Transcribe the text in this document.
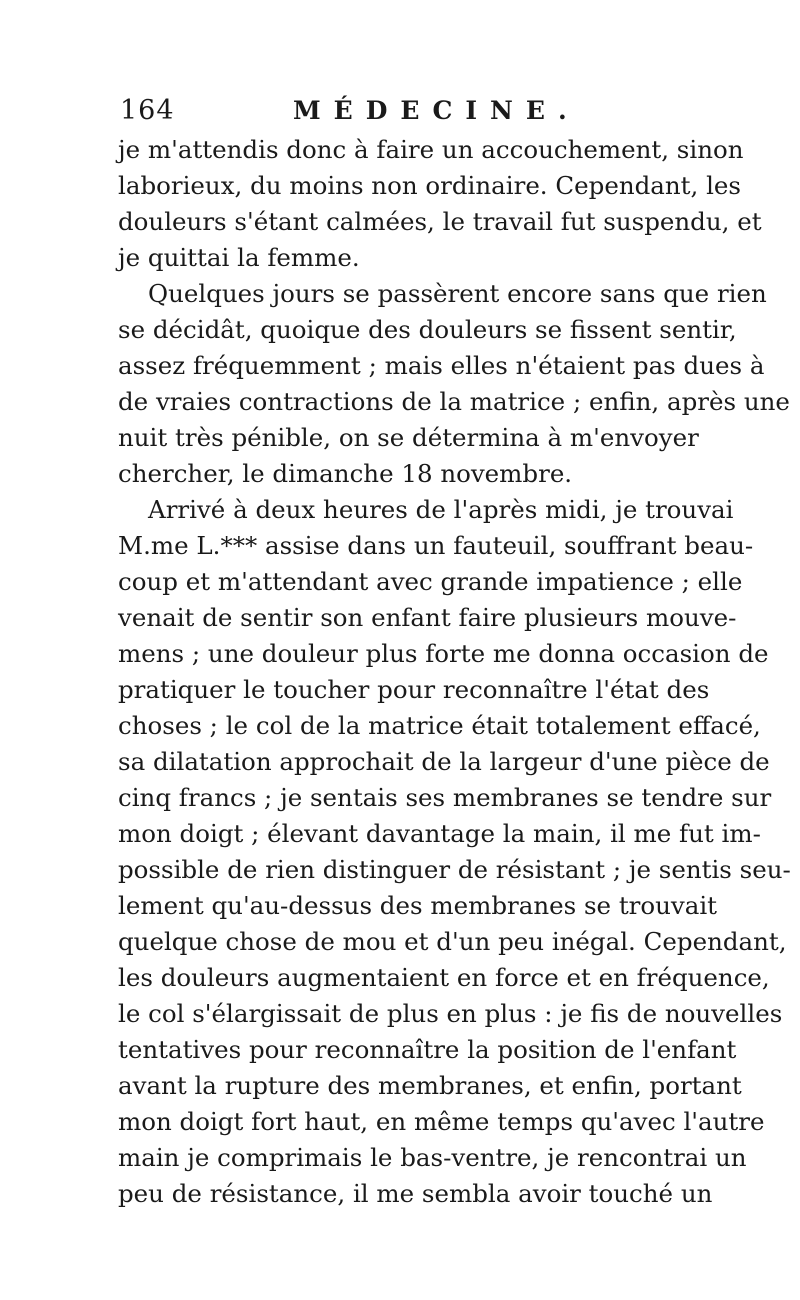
164	MÉDECINE.
je m'attendis donc à faire un accouchement, sinon
laborieux, du moins non ordinaire. Cependant, les
douleurs s'étant calmées, le travail fut suspendu, et
je quittai la femme.
Quelques jours se passèrent encore sans que rien
se décidât, quoique des douleurs se fissent sentir,
assez fréquemment ; mais elles n'étaient pas dues à
de vraies contractions de la matrice ; enfin, après une
nuit très pénible, on se détermina à m'envoyer
chercher, le dimanche 18 novembre.
Arrivé à deux heures de l'après midi, je trouvai
M.me L.*** assise dans un fauteuil, souffrant beau-
coup et m'attendant avec grande impatience ; elle
venait de sentir son enfant faire plusieurs mouve-
mens ; une douleur plus forte me donna occasion de
pratiquer le toucher pour reconnaître l'état des
choses ; le col de la matrice était totalement effacé,
sa dilatation approchait de la largeur d'une pièce de
cinq francs ; je sentais ses membranes se tendre sur
mon doigt ; élevant davantage la main, il me fut im-
possible de rien distinguer de résistant ; je sentis seu-
lement qu'au-dessus des membranes se trouvait
quelque chose de mou et d'un peu inégal. Cependant,
les douleurs augmentaient en force et en fréquence,
le col s'élargissait de plus en plus : je fis de nouvelles
tentatives pour reconnaître la position de l'enfant
avant la rupture des membranes, et enfin, portant
mon doigt fort haut, en même temps qu'avec l'autre
main je comprimais le bas-ventre, je rencontrai un
peu de résistance, il me sembla avoir touché un
